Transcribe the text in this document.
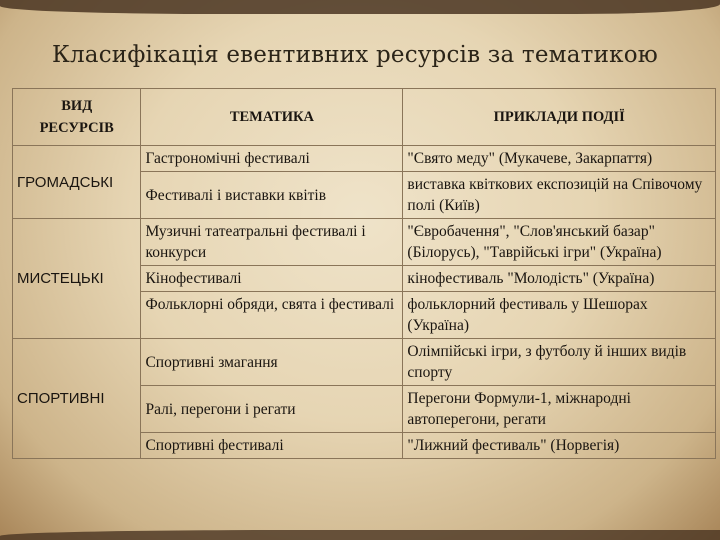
Класифікація евентивних ресурсів за тематикою
ВИД
РЕСУРСІВ	ТЕМАТИКА	ПРИКЛАДИ ПОДІЇ
ГРОМАДСЬКІ	Гастрономічні фестивалі	"Свято меду" (Мукачеве, Закарпаття)
	Фестивалі і виставки квітів	виставка квіткових експозицій на Співочому полі (Київ)
МИСТЕЦЬКІ	Музичні татеатральні фестивалі і конкурси	"Євробачення", "Слов'янський базар" (Білорусь), "Таврійські ігри" (Україна)
	Кінофестивалі	кінофестиваль "Молодість" (Україна)
	Фольклорні обряди, свята і фестивалі	фольклорний фестиваль у Шешорах (Україна)
СПОРТИВНІ	Спортивні змагання	Олімпійські ігри, з футболу й інших видів спорту
	Ралі, перегони і регати	Перегони Формули-1, міжнародні автоперегони, регати
	Спортивні фестивалі	"Лижний фестиваль" (Норвегія)
